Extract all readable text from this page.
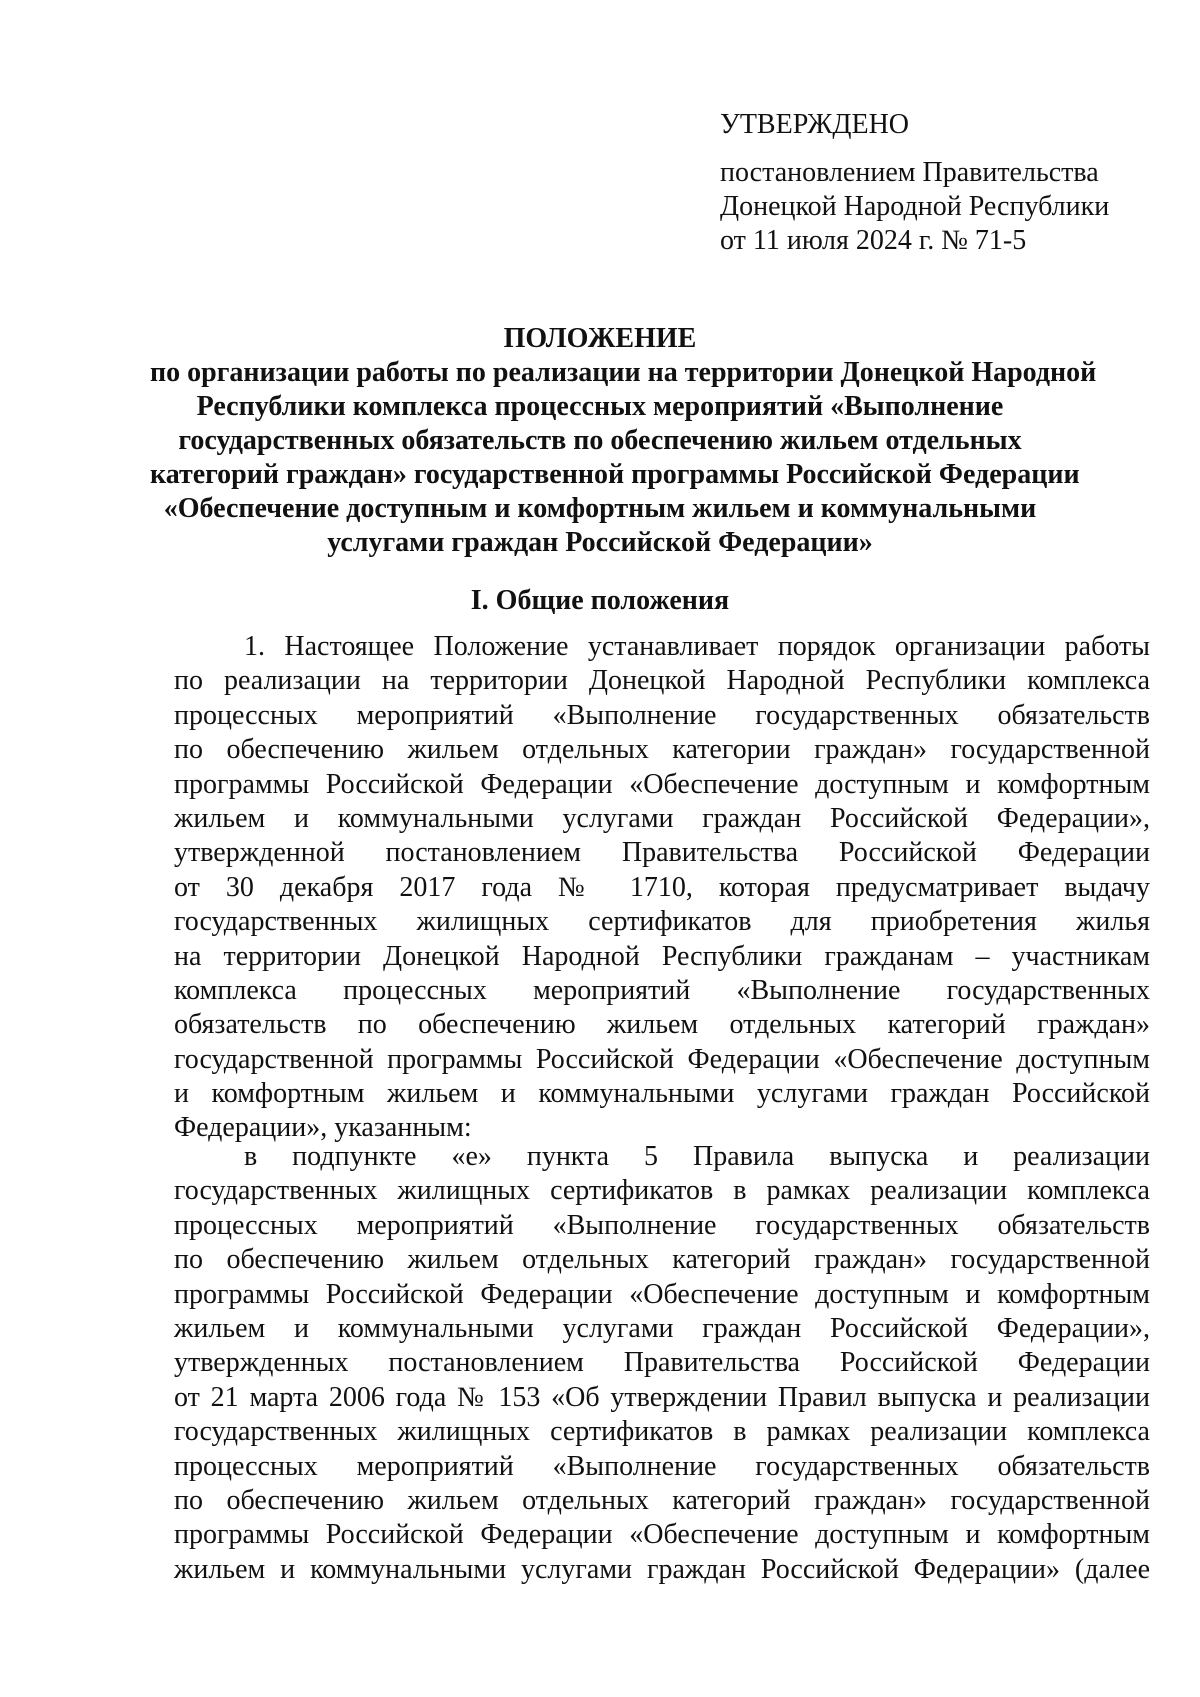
УТВЕРЖДЕНО
постановлением Правительства
Донецкой Народной Республики
от 11 июля 2024 г. № 71-5
ПОЛОЖЕНИЕ
по организации работы по реализации на территории Донецкой Народной
Республики комплекса процессных мероприятий «Выполнение
государственных обязательств по обеспечению жильем отдельных
категорий граждан» государственной программы Российской Федерации
«Обеспечение доступным и комфортным жильем и коммунальными
услугами граждан Российской Федерации»
I. Общие положения
1. Настоящее Положение устанавливает порядок организации работы
по реализации на территории Донецкой Народной Республики комплекса
процессных мероприятий «Выполнение государственных обязательств
по обеспечению жильем отдельных категории граждан» государственной
программы Российской Федерации «Обеспечение доступным и комфортным
жильем и коммунальными услугами граждан Российской Федерации»,
утвержденной постановлением Правительства Российской Федерации
от 30 декабря 2017 года № 1710, которая предусматривает выдачу
государственных жилищных сертификатов для приобретения жилья
на территории Донецкой Народной Республики гражданам – участникам
комплекса процессных мероприятий «Выполнение государственных
обязательств по обеспечению жильем отдельных категорий граждан»
государственной программы Российской Федерации «Обеспечение доступным
и комфортным жильем и коммунальными услугами граждан Российской
Федерации», указанным:
в подпункте «е» пункта 5 Правила выпуска и реализации
государственных жилищных сертификатов в рамках реализации комплекса
процессных мероприятий «Выполнение государственных обязательств
по обеспечению жильем отдельных категорий граждан» государственной
программы Российской Федерации «Обеспечение доступным и комфортным
жильем и коммунальными услугами граждан Российской Федерации»,
утвержденных постановлением Правительства Российской Федерации
от 21 марта 2006 года № 153 «Об утверждении Правил выпуска и реализации
государственных жилищных сертификатов в рамках реализации комплекса
процессных мероприятий «Выполнение государственных обязательств
по обеспечению жильем отдельных категорий граждан» государственной
программы Российской Федерации «Обеспечение доступным и комфортным
жильем и коммунальными услугами граждан Российской Федерации» (далее
